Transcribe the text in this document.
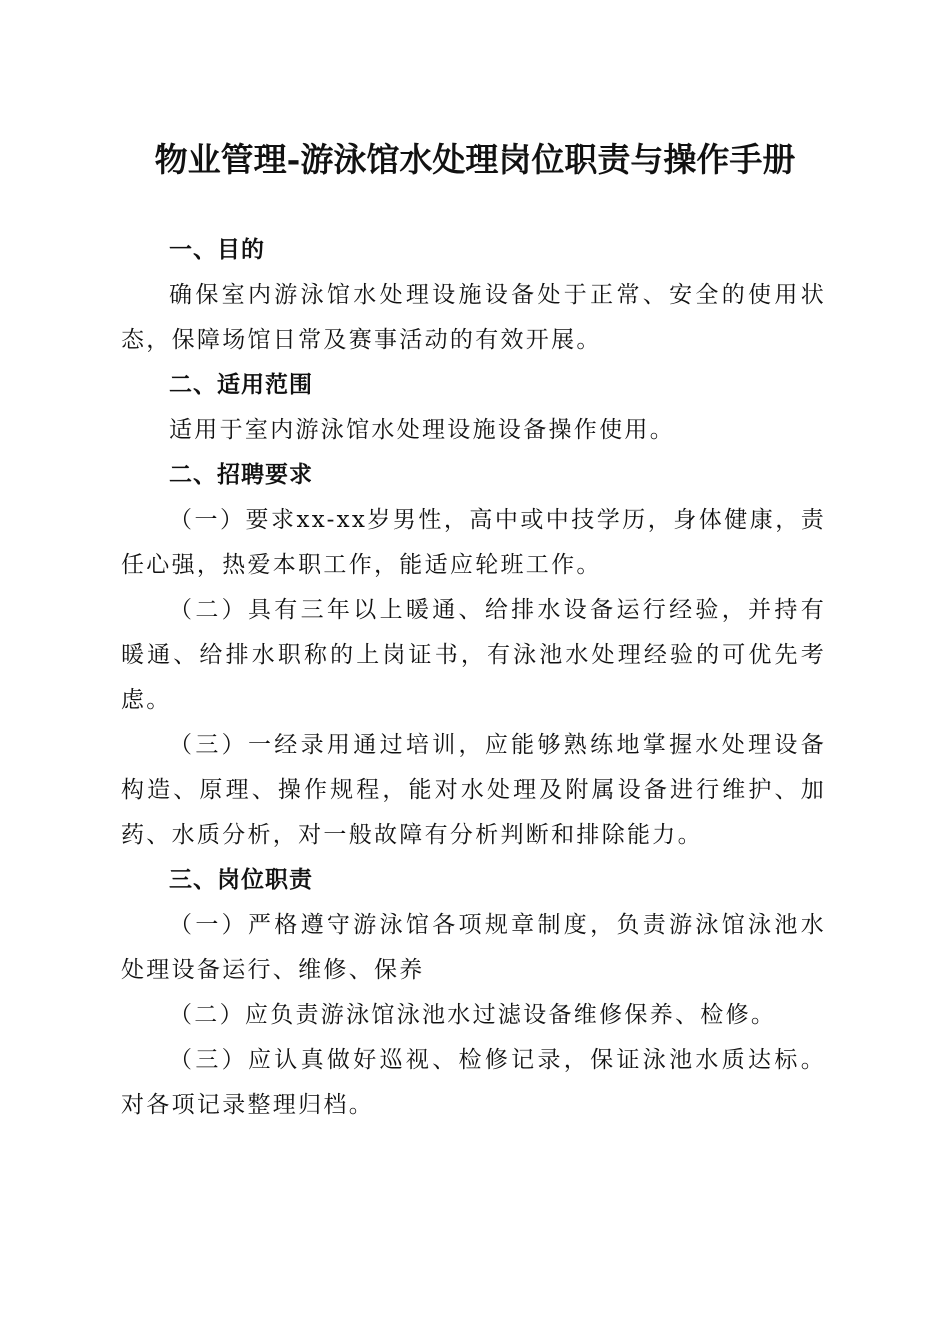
物业管理-游泳馆水处理岗位职责与操作手册
一、目的

确保室内游泳馆水处理设施设备处于正常、安全的使用状态，保障场馆日常及赛事活动的有效开展。

二、适用范围

适用于室内游泳馆水处理设施设备操作使用。

二、招聘要求

（一）要求xx-xx岁男性，高中或中技学历，身体健康，责任心强，热爱本职工作，能适应轮班工作。

（二）具有三年以上暖通、给排水设备运行经验，并持有暖通、给排水职称的上岗证书，有泳池水处理经验的可优先考虑。

（三）一经录用通过培训，应能够熟练地掌握水处理设备构造、原理、操作规程，能对水处理及附属设备进行维护、加药、水质分析，对一般故障有分析判断和排除能力。

三、岗位职责

（一）严格遵守游泳馆各项规章制度，负责游泳馆泳池水处理设备运行、维修、保养

（二）应负责游泳馆泳池水过滤设备维修保养、检修。

（三）应认真做好巡视、检修记录，保证泳池水质达标。对各项记录整理归档。
